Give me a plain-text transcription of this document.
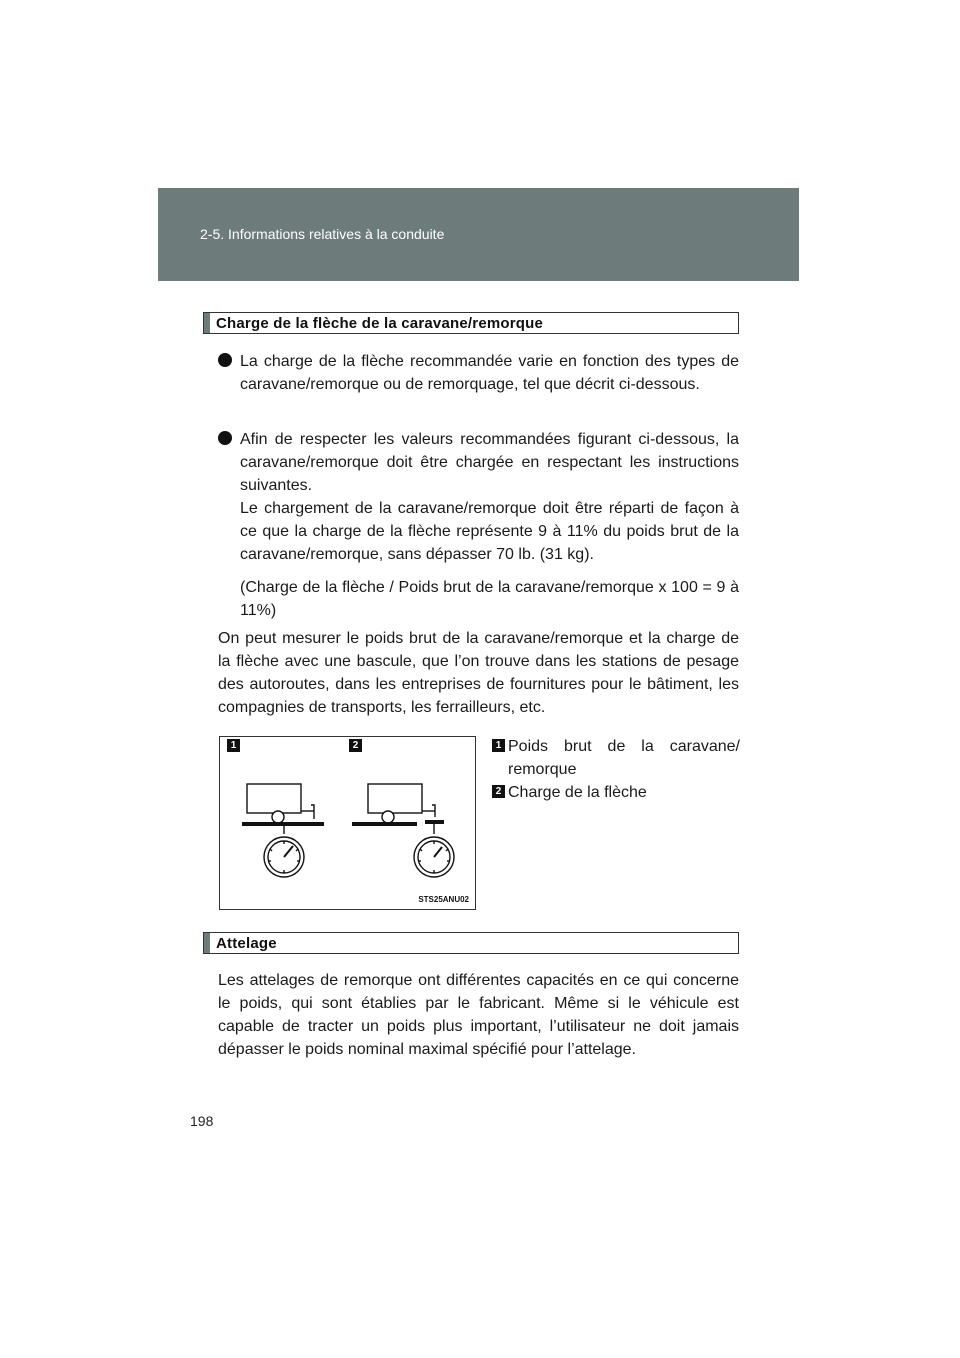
2-5. Informations relatives à la conduite
Charge de la flèche de la caravane/remorque

La charge de la flèche recommandée varie en fonction des types de caravane/remorque ou de remorquage, tel que décrit ci-dessous.

Afin de respecter les valeurs recommandées figurant ci-dessous, la caravane/remorque doit être chargée en respectant les instructions suivantes.

Le chargement de la caravane/remorque doit être réparti de façon à ce que la charge de la flèche représente 9 à 11% du poids brut de la caravane/remorque, sans dépasser 70 lb. (31 kg).

(Charge de la flèche / Poids brut de la caravane/remorque x 100 = 9 à 11%)

On peut mesurer le poids brut de la caravane/remorque et la charge de la flèche avec une bascule, que l’on trouve dans les stations de pesage des autoroutes, dans les entreprises de fournitures pour le bâtiment, les compagnies de transports, les ferrailleurs, etc.

1	2
STS25ANU02
1 Poids brut de la caravane/ remorque

2 Charge de la flèche

Attelage

Les attelages de remorque ont différentes capacités en ce qui concerne le poids, qui sont établies par le fabricant. Même si le véhicule est capable de tracter un poids plus important, l’utilisateur ne doit jamais dépasser le poids nominal maximal spécifié pour l’attelage.

198
